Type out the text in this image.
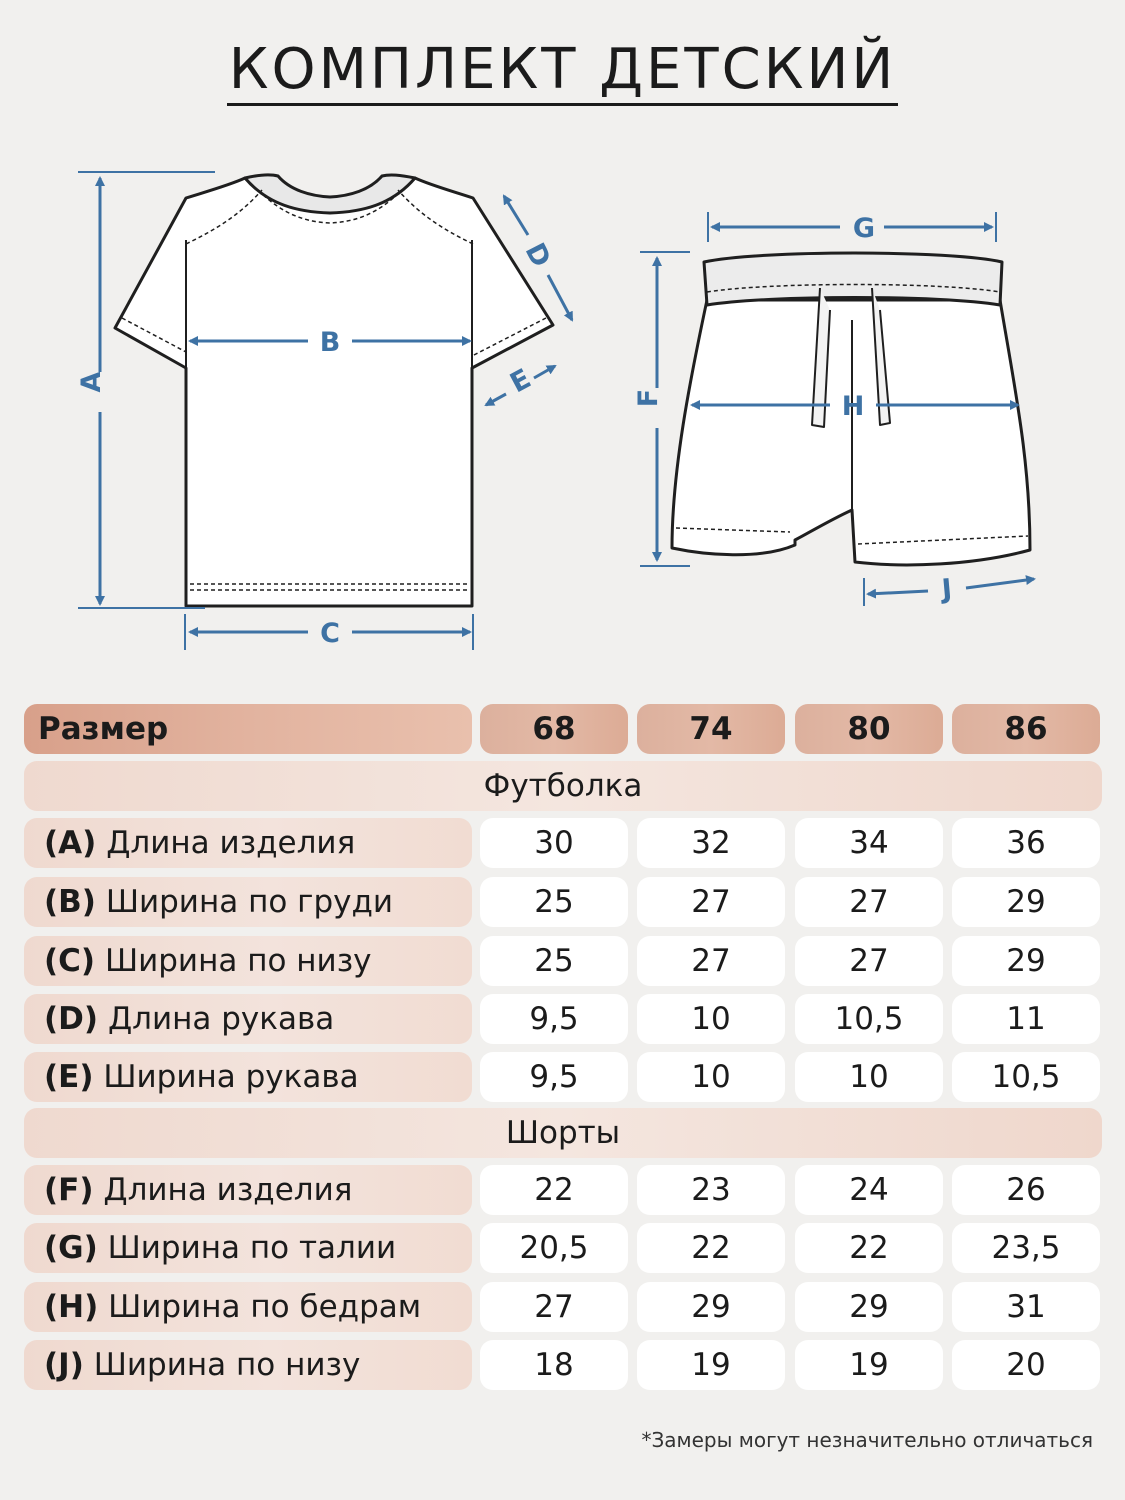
КОМПЛЕКТ ДЕТСКИЙ
A
B
C
D
E
G
F	H
J
Размер	68	74	80	86
Футболка
(A) Длина изделия	30	32	34	36
(B) Ширина по груди	25	27	27	29
(C) Ширина по низу	25	27	27	29
(D) Длина рукава	9,5	10	10,5	11
(E) Ширина рукава	9,5	10	10	10,5
Шорты
(F) Длина изделия	22	23	24	26
(G) Ширина по талии	20,5	22	22	23,5
(H) Ширина по бедрам	27	29	29	31
(J) Ширина по низу	18	19	19	20
*Замеры могут незначительно отличаться
